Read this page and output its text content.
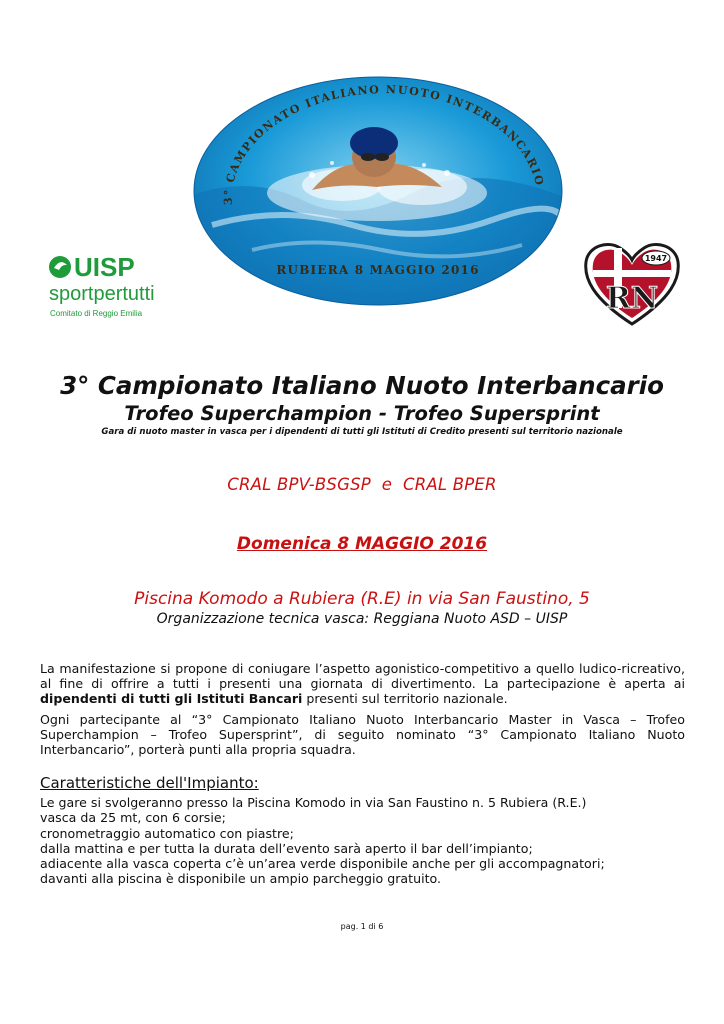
3° CAMPIONATO ITALIANO NUOTO INTERBANCARIO
RUBIERA 8 MAGGIO 2016
UISP
sportpertutti
Comitato di Reggio Emilia
1947
RN
3° Campionato Italiano Nuoto Interbancario
Trofeo Superchampion - Trofeo Supersprint
Gara di nuoto master in vasca per i dipendenti di tutti gli Istituti di Credito presenti sul territorio nazionale
CRAL BPV-BSGSP  e  CRAL BPER
Domenica 8 MAGGIO 2016
Piscina Komodo a Rubiera (R.E) in via San Faustino, 5
Organizzazione tecnica vasca: Reggiana Nuoto ASD – UISP
La manifestazione si propone di coniugare l’aspetto agonistico-competitivo a quello ludico-ricreativo, al fine di offrire a tutti i presenti una giornata di divertimento. La partecipazione è aperta ai dipendenti di tutti gli Istituti Bancari presenti sul territorio nazionale.
Ogni partecipante al “3° Campionato Italiano Nuoto Interbancario Master in Vasca – Trofeo Superchampion – Trofeo Supersprint”, di seguito nominato “3° Campionato Italiano Nuoto Interbancario”, porterà punti alla propria squadra.
Caratteristiche dell'Impianto:
Le gare si svolgeranno presso la Piscina Komodo in via San Faustino n. 5 Rubiera (R.E.)
vasca da 25 mt, con 6 corsie;
cronometraggio automatico con piastre;
dalla mattina e per tutta la durata dell’evento sarà aperto il bar dell’impianto;
adiacente alla vasca coperta c’è un’area verde disponibile anche per gli accompagnatori;
davanti alla piscina è disponibile un ampio parcheggio gratuito.
pag. 1 di 6
